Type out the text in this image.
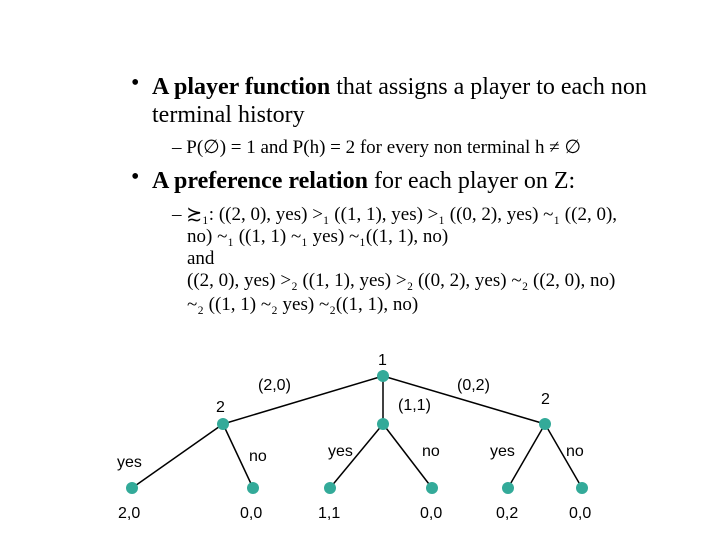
• A player function that assigns a player to each non
terminal history
– P(∅) = 1 and P(h) = 2 for every non terminal h ≠ ∅
• A preference relation for each player on Z:
– ≿₁: ((2, 0), yes) >₁ ((1, 1), yes) >₁ ((0, 2), yes) ~₁ ((2, 0),
no) ~₁ ((1, 1) ~₁ yes) ~₁((1, 1), no)
and
((2, 0), yes) >₂ ((1, 1), yes) >₂ ((0, 2), yes) ~₂ ((2, 0), no)
~₂ ((1, 1) ~₂ yes) ~₂((1, 1), no)
1
(2,0)
(1,1)
(0,2)
2	2
yes	no	yes	no	yes	no
2,0	0,0	1,1	0,0	0,2	0,0
